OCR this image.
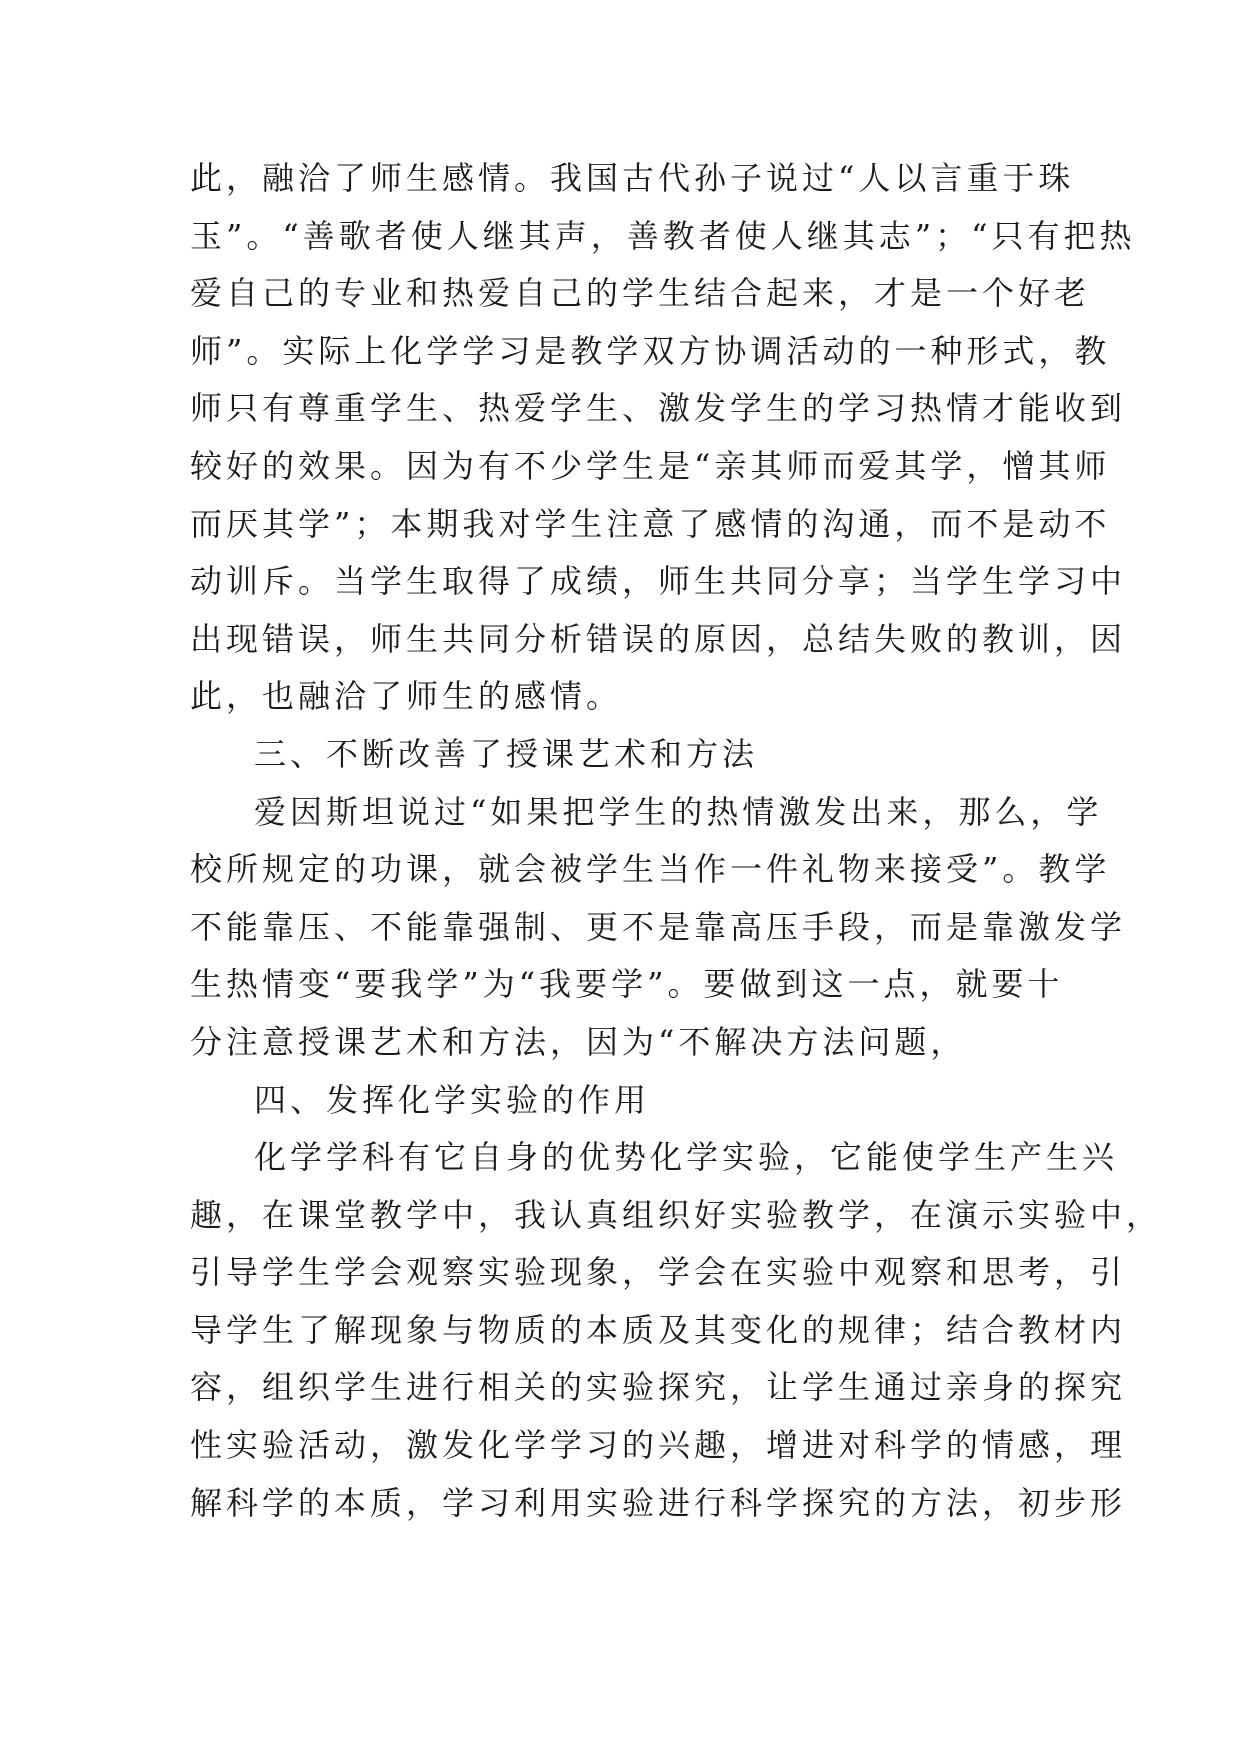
此，融洽了师生感情。我国古代孙子说过“人以言重于珠
玉”。“善歌者使人继其声，善教者使人继其志”；“只有把热
爱自己的专业和热爱自己的学生结合起来，才是一个好老
师”。实际上化学学习是教学双方协调活动的一种形式，教
师只有尊重学生、热爱学生、激发学生的学习热情才能收到
较好的效果。因为有不少学生是“亲其师而爱其学，憎其师
而厌其学”；本期我对学生注意了感情的沟通，而不是动不
动训斥。当学生取得了成绩，师生共同分享；当学生学习中
出现错误，师生共同分析错误的原因，总结失败的教训，因
此，也融洽了师生的感情。
三、不断改善了授课艺术和方法
爱因斯坦说过“如果把学生的热情激发出来，那么，学
校所规定的功课，就会被学生当作一件礼物来接受”。教学
不能靠压、不能靠强制、更不是靠高压手段，而是靠激发学
生热情变“要我学”为“我要学”。要做到这一点，就要十
分注意授课艺术和方法，因为“不解决方法问题，
四、发挥化学实验的作用
化学学科有它自身的优势化学实验，它能使学生产生兴
趣，在课堂教学中，我认真组织好实验教学，在演示实验中，
引导学生学会观察实验现象，学会在实验中观察和思考，引
导学生了解现象与物质的本质及其变化的规律；结合教材内
容，组织学生进行相关的实验探究，让学生通过亲身的探究
性实验活动，激发化学学习的兴趣，增进对科学的情感，理
解科学的本质，学习利用实验进行科学探究的方法，初步形
